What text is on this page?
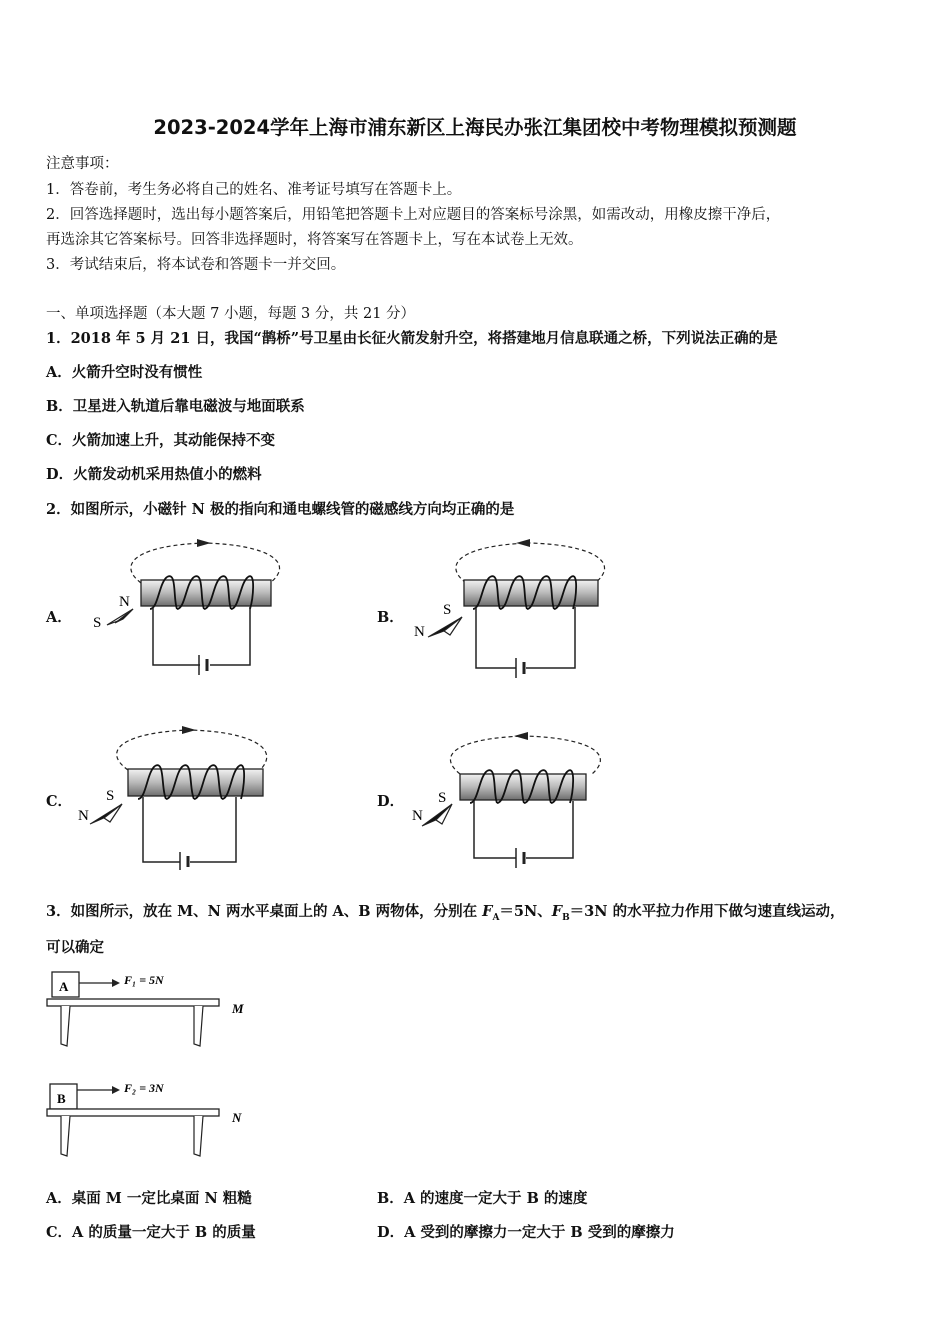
2023-2024学年上海市浦东新区上海民办张江集团校中考物理模拟预测题
注意事项：
1．答卷前，考生务必将自己的姓名、准考证号填写在答题卡上。
2．回答选择题时，选出每小题答案后，用铅笔把答题卡上对应题目的答案标号涂黑，如需改动，用橡皮擦干净后，
再选涂其它答案标号。回答非选择题时，将答案写在答题卡上，写在本试卷上无效。
3．考试结束后，将本试卷和答题卡一并交回。
一、单项选择题（本大题 7 小题，每题 3 分，共 21 分）
1．2018 年 5 月 21 日，我国“鹊桥”号卫星由长征火箭发射升空，将搭建地月信息联通之桥，下列说法正确的是
A．火箭升空时没有惯性
B．卫星进入轨道后靠电磁波与地面联系
C．火箭加速上升，其动能保持不变
D．火箭发动机采用热值小的燃料
2．如图所示，小磁针 N 极的指向和通电螺线管的磁感线方向均正确的是
A．	B．
C．	D．
N
S
S
N
S
N
S
N
3．如图所示，放在 M、N 两水平桌面上的 A、B 两物体，分别在 $F_A=5N$、$F_B=3N$ 的水平拉力作用下做匀速直线运动，
可以确定
A	F₁ = 5N
M
B
F₂ = 3N
N
A．桌面 M 一定比桌面 N 粗糙	B．A 的速度一定大于 B 的速度
C．A 的质量一定大于 B 的质量	D．A 受到的摩擦力一定大于 B 受到的摩擦力
